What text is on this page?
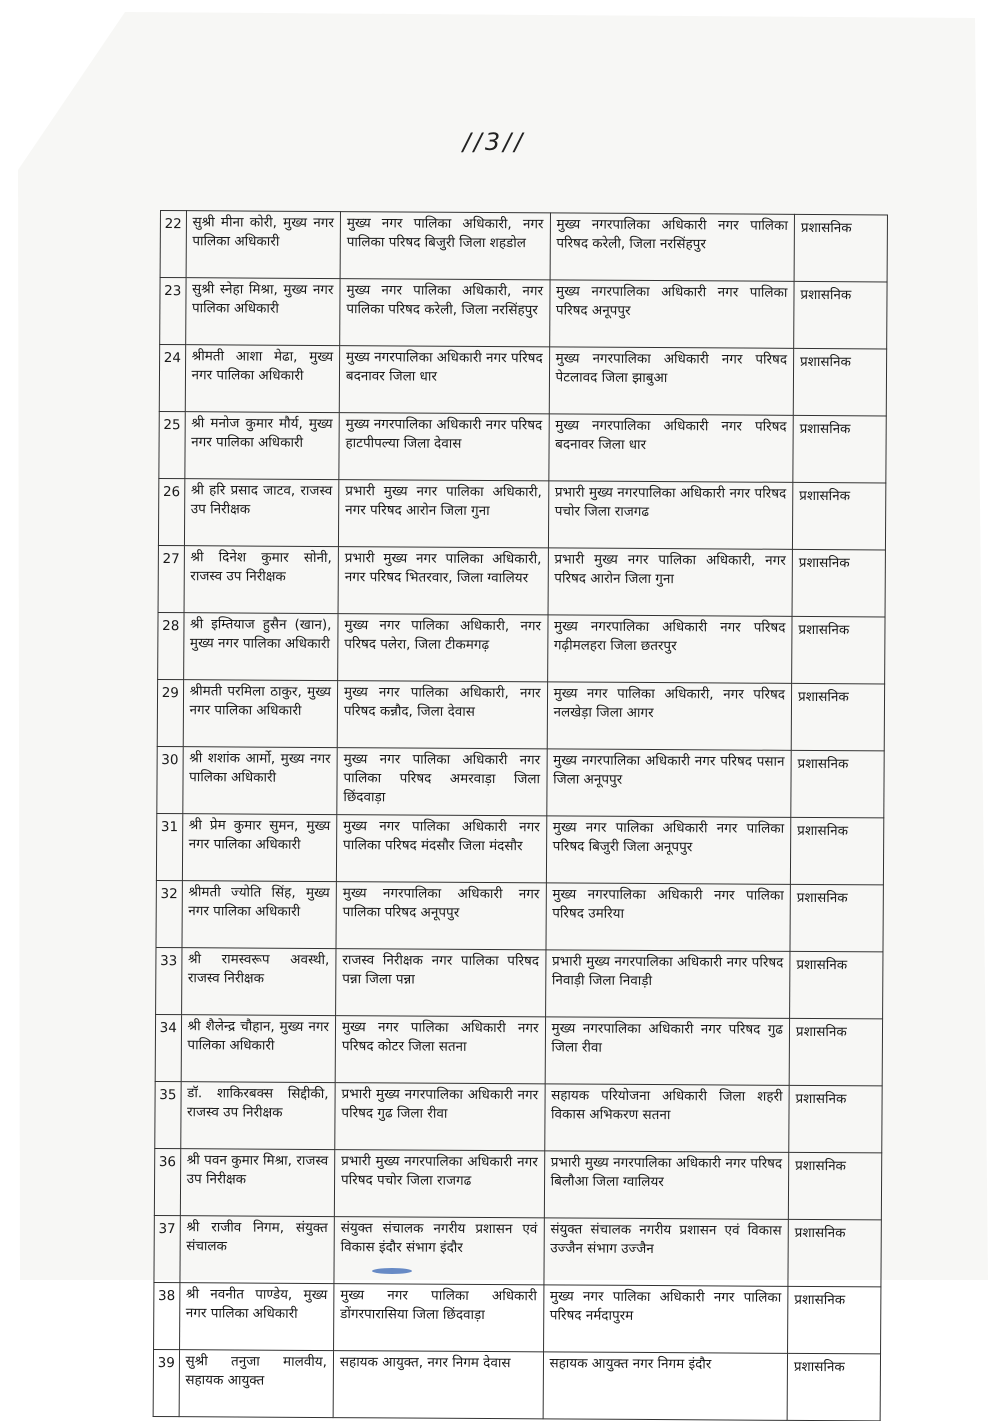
//3//
22	सुश्री मीना कोरी, मुख्य नगर पालिका अधिकारी	मुख्य नगर पालिका अधिकारी, नगर पालिका परिषद बिजुरी जिला शहडोल	मुख्य नगरपालिका अधिकारी नगर पालिका परिषद करेली, जिला नरसिंहपुर	प्रशासनिक
23	सुश्री स्नेहा मिश्रा, मुख्य नगर पालिका अधिकारी	मुख्य नगर पालिका अधिकारी, नगर पालिका परिषद करेली, जिला नरसिंहपुर	मुख्य नगरपालिका अधिकारी नगर पालिका परिषद अनूपपुर	प्रशासनिक
24	श्रीमती आशा मेढा, मुख्य नगर पालिका अधिकारी	मुख्य नगरपालिका अधिकारी नगर परिषद बदनावर जिला धार	मुख्य नगरपालिका अधिकारी नगर परिषद पेटलावद जिला झाबुआ	प्रशासनिक
25	श्री मनोज कुमार मौर्य, मुख्य नगर पालिका अधिकारी	मुख्य नगरपालिका अधिकारी नगर परिषद हाटपीपल्या जिला देवास	मुख्य नगरपालिका अधिकारी नगर परिषद बदनावर जिला धार	प्रशासनिक
26	श्री हरि प्रसाद जाटव, राजस्व उप निरीक्षक	प्रभारी मुख्य नगर पालिका अधिकारी, नगर परिषद आरोन जिला गुना	प्रभारी मुख्य नगरपालिका अधिकारी नगर परिषद पचोर जिला राजगढ	प्रशासनिक
27	श्री दिनेश कुमार सोनी, राजस्व उप निरीक्षक	प्रभारी मुख्य नगर पालिका अधिकारी, नगर परिषद भितरवार, जिला ग्वालियर	प्रभारी मुख्य नगर पालिका अधिकारी, नगर परिषद आरोन जिला गुना	प्रशासनिक
28	श्री इम्तियाज हुसैन (खान), मुख्य नगर पालिका अधिकारी	मुख्य नगर पालिका अधिकारी, नगर परिषद पलेरा, जिला टीकमगढ़	मुख्य नगरपालिका अधिकारी नगर परिषद गढ़ीमलहरा जिला छतरपुर	प्रशासनिक
29	श्रीमती परमिला ठाकुर, मुख्य नगर पालिका अधिकारी	मुख्य नगर पालिका अधिकारी, नगर परिषद कन्नौद, जिला देवास	मुख्य नगर पालिका अधिकारी, नगर परिषद नलखेड़ा जिला आगर	प्रशासनिक
30	श्री शशांक आर्मो, मुख्य नगर पालिका अधिकारी	मुख्य नगर पालिका अधिकारी नगर पालिका परिषद अमरवाड़ा जिला छिंदवाड़ा	मुख्य नगरपालिका अधिकारी नगर परिषद पसान जिला अनूपपुर	प्रशासनिक
31	श्री प्रेम कुमार सुमन, मुख्य नगर पालिका अधिकारी	मुख्य नगर पालिका अधिकारी नगर पालिका परिषद मंदसौर जिला मंदसौर	मुख्य नगर पालिका अधिकारी नगर पालिका परिषद बिजुरी जिला अनूपपुर	प्रशासनिक
32	श्रीमती ज्योति सिंह, मुख्य नगर पालिका अधिकारी	मुख्य नगरपालिका अधिकारी नगर पालिका परिषद अनूपपुर	मुख्य नगरपालिका अधिकारी नगर पालिका परिषद उमरिया	प्रशासनिक
33	श्री रामस्वरूप अवस्थी, राजस्व निरीक्षक	राजस्व निरीक्षक नगर पालिका परिषद पन्ना जिला पन्ना	प्रभारी मुख्य नगरपालिका अधिकारी नगर परिषद निवाड़ी जिला निवाड़ी	प्रशासनिक
34	श्री शैलेन्द्र चौहान, मुख्य नगर पालिका अधिकारी	मुख्य नगर पालिका अधिकारी नगर परिषद कोटर जिला सतना	मुख्य नगरपालिका अधिकारी नगर परिषद गुढ जिला रीवा	प्रशासनिक
35	डॉ. शाकिरबक्स सिद्दीकी, राजस्व उप निरीक्षक	प्रभारी मुख्य नगरपालिका अधिकारी नगर परिषद गुढ जिला रीवा	सहायक परियोजना अधिकारी जिला शहरी विकास अभिकरण सतना	प्रशासनिक
36	श्री पवन कुमार मिश्रा, राजस्व उप निरीक्षक	प्रभारी मुख्य नगरपालिका अधिकारी नगर परिषद पचोर जिला राजगढ	प्रभारी मुख्य नगरपालिका अधिकारी नगर परिषद बिलौआ जिला ग्वालियर	प्रशासनिक
37	श्री राजीव निगम, संयुक्त संचालक	संयुक्त संचालक नगरीय प्रशासन एवं विकास इंदौर संभाग इंदौर	संयुक्त संचालक नगरीय प्रशासन एवं विकास उज्जैन संभाग उज्जैन	प्रशासनिक
38	श्री नवनीत पाण्डेय, मुख्य नगर पालिका अधिकारी	मुख्य नगर पालिका अधिकारी डोंगरपारासिया जिला छिंदवाड़ा	मुख्य नगर पालिका अधिकारी नगर पालिका परिषद नर्मदापुरम	प्रशासनिक
39	सुश्री तनुजा मालवीय, सहायक आयुक्त	सहायक आयुक्त, नगर निगम देवास	सहायक आयुक्त नगर निगम इंदौर	प्रशासनिक
